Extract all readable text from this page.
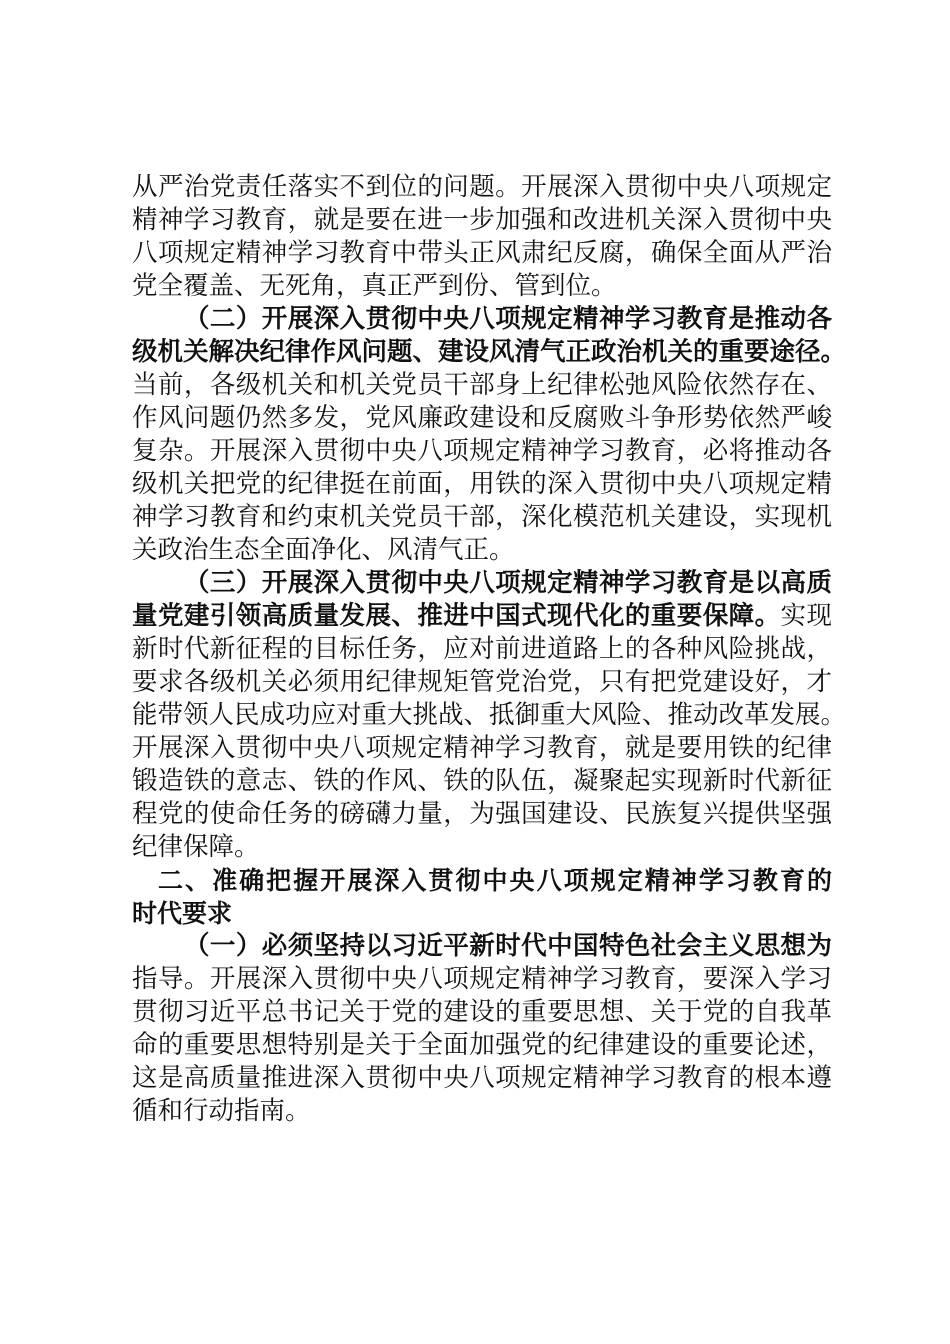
从严治党责任落实不到位的问题。开展深入贯彻中央八项规定
精神学习教育，就是要在进一步加强和改进机关深入贯彻中央
八项规定精神学习教育中带头正风肃纪反腐，确保全面从严治
党全覆盖、无死角，真正严到份、管到位。
（二）开展深入贯彻中央八项规定精神学习教育是推动各
级机关解决纪律作风问题、建设风清气正政治机关的重要途径。
当前，各级机关和机关党员干部身上纪律松弛风险依然存在、
作风问题仍然多发，党风廉政建设和反腐败斗争形势依然严峻
复杂。开展深入贯彻中央八项规定精神学习教育，必将推动各
级机关把党的纪律挺在前面，用铁的深入贯彻中央八项规定精
神学习教育和约束机关党员干部，深化模范机关建设，实现机
关政治生态全面净化、风清气正。
（三）开展深入贯彻中央八项规定精神学习教育是以高质
量党建引领高质量发展、推进中国式现代化的重要保障。实现
新时代新征程的目标任务，应对前进道路上的各种风险挑战，
要求各级机关必须用纪律规矩管党治党，只有把党建设好，才
能带领人民成功应对重大挑战、抵御重大风险、推动改革发展。
开展深入贯彻中央八项规定精神学习教育，就是要用铁的纪律
锻造铁的意志、铁的作风、铁的队伍，凝聚起实现新时代新征
程党的使命任务的磅礴力量，为强国建设、民族复兴提供坚强
纪律保障。
二、准确把握开展深入贯彻中央八项规定精神学习教育的
时代要求
（一）必须坚持以习近平新时代中国特色社会主义思想为
指导。开展深入贯彻中央八项规定精神学习教育，要深入学习
贯彻习近平总书记关于党的建设的重要思想、关于党的自我革
命的重要思想特别是关于全面加强党的纪律建设的重要论述，
这是高质量推进深入贯彻中央八项规定精神学习教育的根本遵
循和行动指南。
